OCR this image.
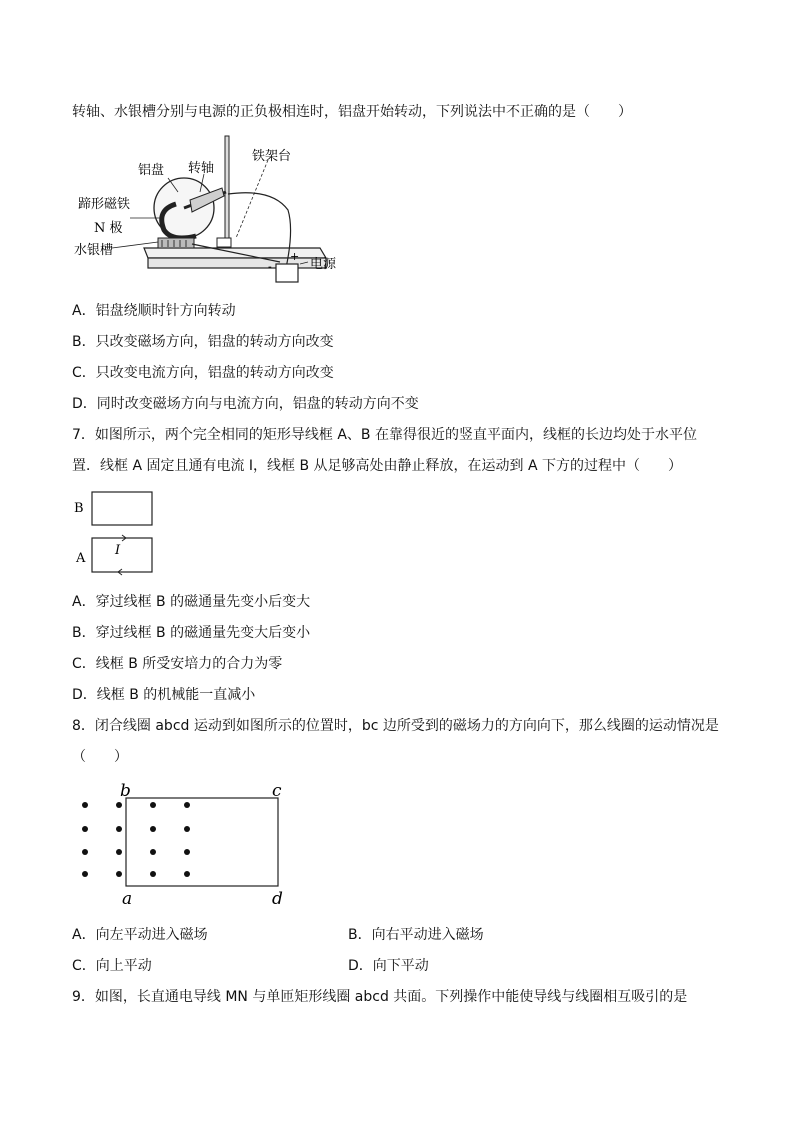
转轴、水银槽分别与电源的正负极相连时，铝盘开始转动，下列说法中不正确的是（　　）
铝盘 转轴
铁架台
蹄形磁铁
N 极
水银槽
电源
+
-
A．铝盘绕顺时针方向转动
B．只改变磁场方向，铝盘的转动方向改变
C．只改变电流方向，铝盘的转动方向改变
D．同时改变磁场方向与电流方向，铝盘的转动方向不变
7．如图所示，两个完全相同的矩形导线框 A、B 在靠得很近的竖直平面内，线框的长边均处于水平位
置．线框 A 固定且通有电流 I，线框 B 从足够高处由静止释放，在运动到 A 下方的过程中（　　）
B
A
I
A．穿过线框 B 的磁通量先变小后变大
B．穿过线框 B 的磁通量先变大后变小
C．线框 B 所受安培力的合力为零
D．线框 B 的机械能一直减小
8．闭合线圈 abcd 运动到如图所示的位置时，bc 边所受到的磁场力的方向向下，那么线圈的运动情况是
（　　）
b	c
a	d
A．向左平动进入磁场	B．向右平动进入磁场
C．向上平动	D．向下平动
9．如图，长直通电导线 MN 与单匝矩形线圈 abcd 共面。下列操作中能使导线与线圈相互吸引的是
